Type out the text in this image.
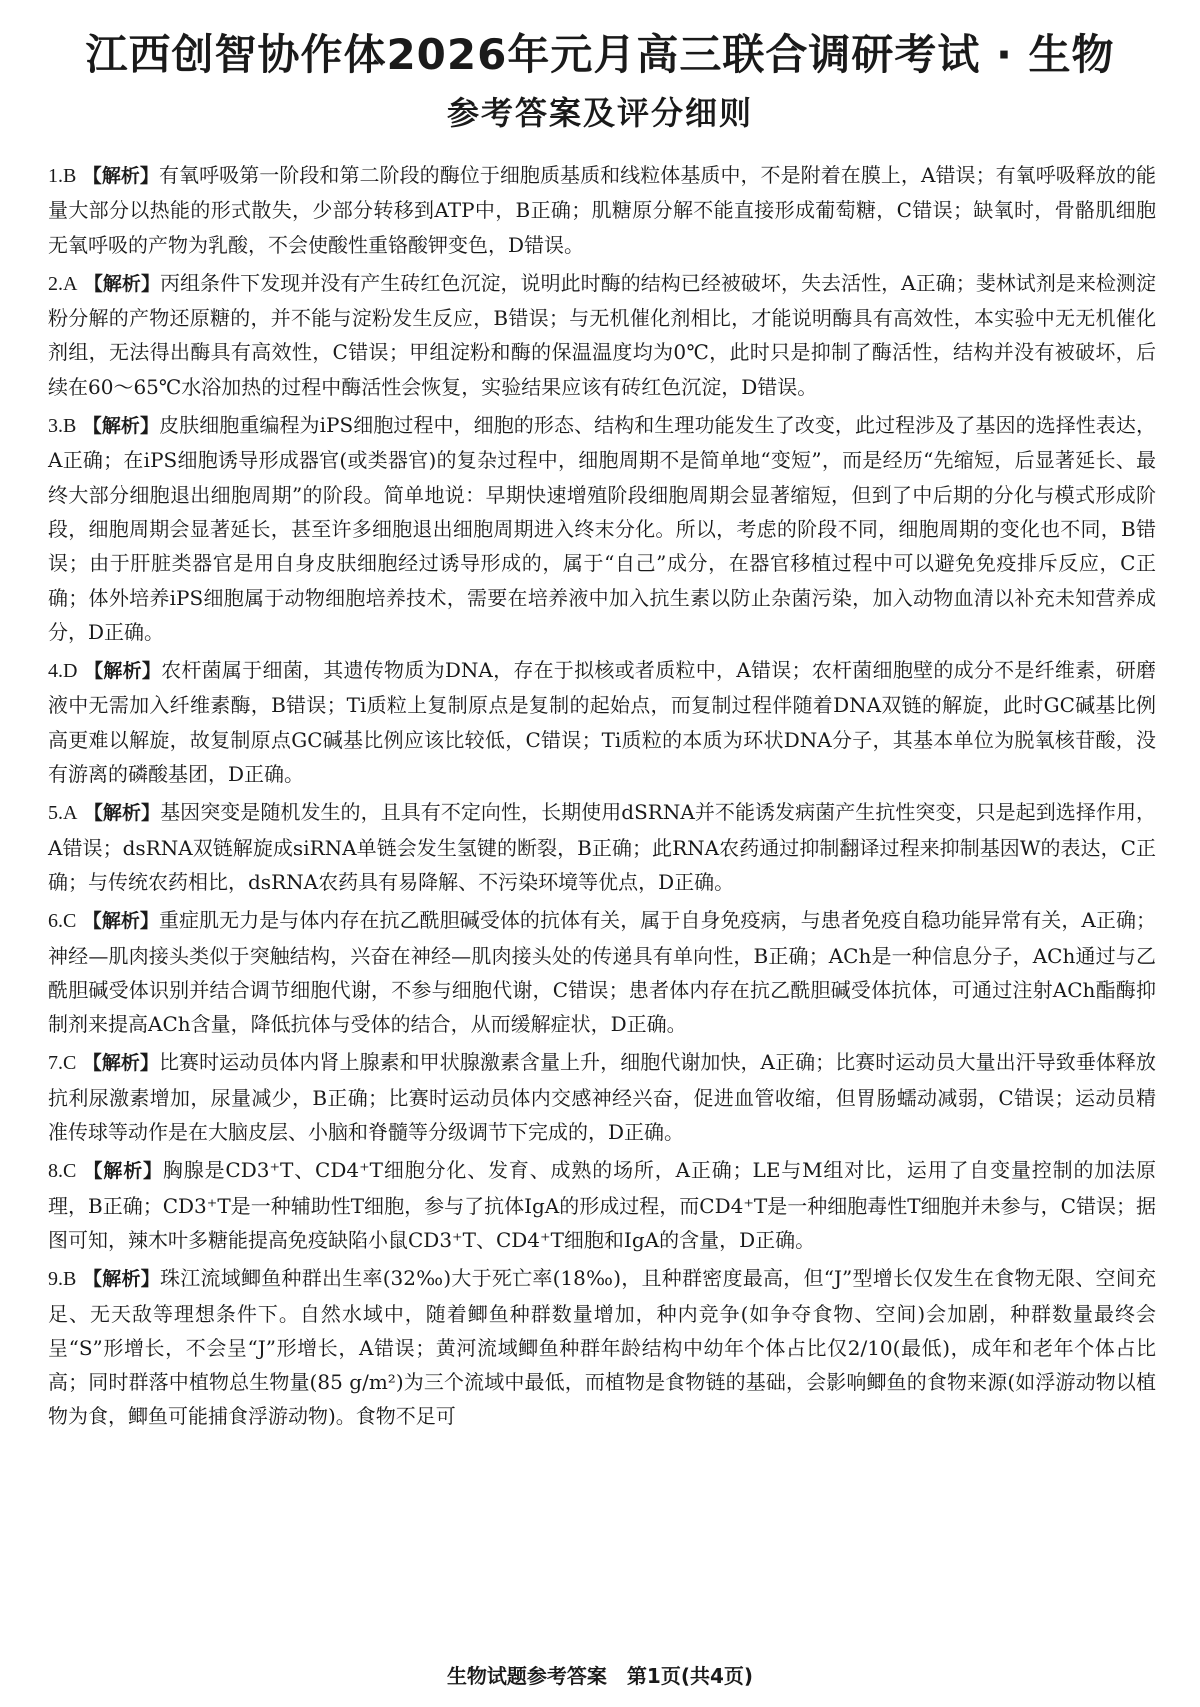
江西创智协作体2026年元月高三联合调研考试 · 生物
参考答案及评分细则

1.B 【解析】有氧呼吸第一阶段和第二阶段的酶位于细胞质基质和线粒体基质中，不是附着在膜上，A错误；有氧呼吸释放的能量大部分以热能的形式散失，少部分转移到ATP中，B正确；肌糖原分解不能直接形成葡萄糖，C错误；缺氧时，骨骼肌细胞无氧呼吸的产物为乳酸，不会使酸性重铬酸钾变色，D错误。

2.A 【解析】丙组条件下发现并没有产生砖红色沉淀，说明此时酶的结构已经被破坏，失去活性，A正确；斐林试剂是来检测淀粉分解的产物还原糖的，并不能与淀粉发生反应，B错误；与无机催化剂相比，才能说明酶具有高效性，本实验中无无机催化剂组，无法得出酶具有高效性，C错误；甲组淀粉和酶的保温温度均为0℃，此时只是抑制了酶活性，结构并没有被破坏，后续在60～65℃水浴加热的过程中酶活性会恢复，实验结果应该有砖红色沉淀，D错误。

3.B 【解析】皮肤细胞重编程为iPS细胞过程中，细胞的形态、结构和生理功能发生了改变，此过程涉及了基因的选择性表达，A正确；在iPS细胞诱导形成器官(或类器官)的复杂过程中，细胞周期不是简单地“变短”，而是经历“先缩短，后显著延长、最终大部分细胞退出细胞周期”的阶段。简单地说：早期快速增殖阶段细胞周期会显著缩短，但到了中后期的分化与模式形成阶段，细胞周期会显著延长，甚至许多细胞退出细胞周期进入终末分化。所以，考虑的阶段不同，细胞周期的变化也不同，B错误；由于肝脏类器官是用自身皮肤细胞经过诱导形成的，属于“自己”成分，在器官移植过程中可以避免免疫排斥反应，C正确；体外培养iPS细胞属于动物细胞培养技术，需要在培养液中加入抗生素以防止杂菌污染，加入动物血清以补充未知营养成分，D正确。

4.D 【解析】农杆菌属于细菌，其遗传物质为DNA，存在于拟核或者质粒中，A错误；农杆菌细胞壁的成分不是纤维素，研磨液中无需加入纤维素酶，B错误；Ti质粒上复制原点是复制的起始点，而复制过程伴随着DNA双链的解旋，此时GC碱基比例高更难以解旋，故复制原点GC碱基比例应该比较低，C错误；Ti质粒的本质为环状DNA分子，其基本单位为脱氧核苷酸，没有游离的磷酸基团，D正确。

5.A 【解析】基因突变是随机发生的，且具有不定向性，长期使用dSRNA并不能诱发病菌产生抗性突变，只是起到选择作用，A错误；dsRNA双链解旋成siRNA单链会发生氢键的断裂，B正确；此RNA农药通过抑制翻译过程来抑制基因W的表达，C正确；与传统农药相比，dsRNA农药具有易降解、不污染环境等优点，D正确。

6.C 【解析】重症肌无力是与体内存在抗乙酰胆碱受体的抗体有关，属于自身免疫病，与患者免疫自稳功能异常有关，A正确；神经—肌肉接头类似于突触结构，兴奋在神经—肌肉接头处的传递具有单向性，B正确；ACh是一种信息分子，ACh通过与乙酰胆碱受体识别并结合调节细胞代谢，不参与细胞代谢，C错误；患者体内存在抗乙酰胆碱受体抗体，可通过注射ACh酯酶抑制剂来提高ACh含量，降低抗体与受体的结合，从而缓解症状，D正确。

7.C 【解析】比赛时运动员体内肾上腺素和甲状腺激素含量上升，细胞代谢加快，A正确；比赛时运动员大量出汗导致垂体释放抗利尿激素增加，尿量减少，B正确；比赛时运动员体内交感神经兴奋，促进血管收缩，但胃肠蠕动减弱，C错误；运动员精准传球等动作是在大脑皮层、小脑和脊髓等分级调节下完成的，D正确。

8.C 【解析】胸腺是CD3⁺T、CD4⁺T细胞分化、发育、成熟的场所，A正确；LE与M组对比，运用了自变量控制的加法原理，B正确；CD3⁺T是一种辅助性T细胞，参与了抗体IgA的形成过程，而CD4⁺T是一种细胞毒性T细胞并未参与，C错误；据图可知，辣木叶多糖能提高免疫缺陷小鼠CD3⁺T、CD4⁺T细胞和IgA的含量，D正确。

9.B 【解析】珠江流域鲫鱼种群出生率(32‰)大于死亡率(18‰)，且种群密度最高，但“J”型增长仅发生在食物无限、空间充足、无天敌等理想条件下。自然水域中，随着鲫鱼种群数量增加，种内竞争(如争夺食物、空间)会加剧，种群数量最终会呈“S”形增长，不会呈“J”形增长，A错误；黄河流域鲫鱼种群年龄结构中幼年个体占比仅2/10(最低)，成年和老年个体占比高；同时群落中植物总生物量(85 g/m²)为三个流域中最低，而植物是食物链的基础，会影响鲫鱼的食物来源(如浮游动物以植物为食，鲫鱼可能捕食浮游动物)。食物不足可

生物试题参考答案　第1页(共4页)
